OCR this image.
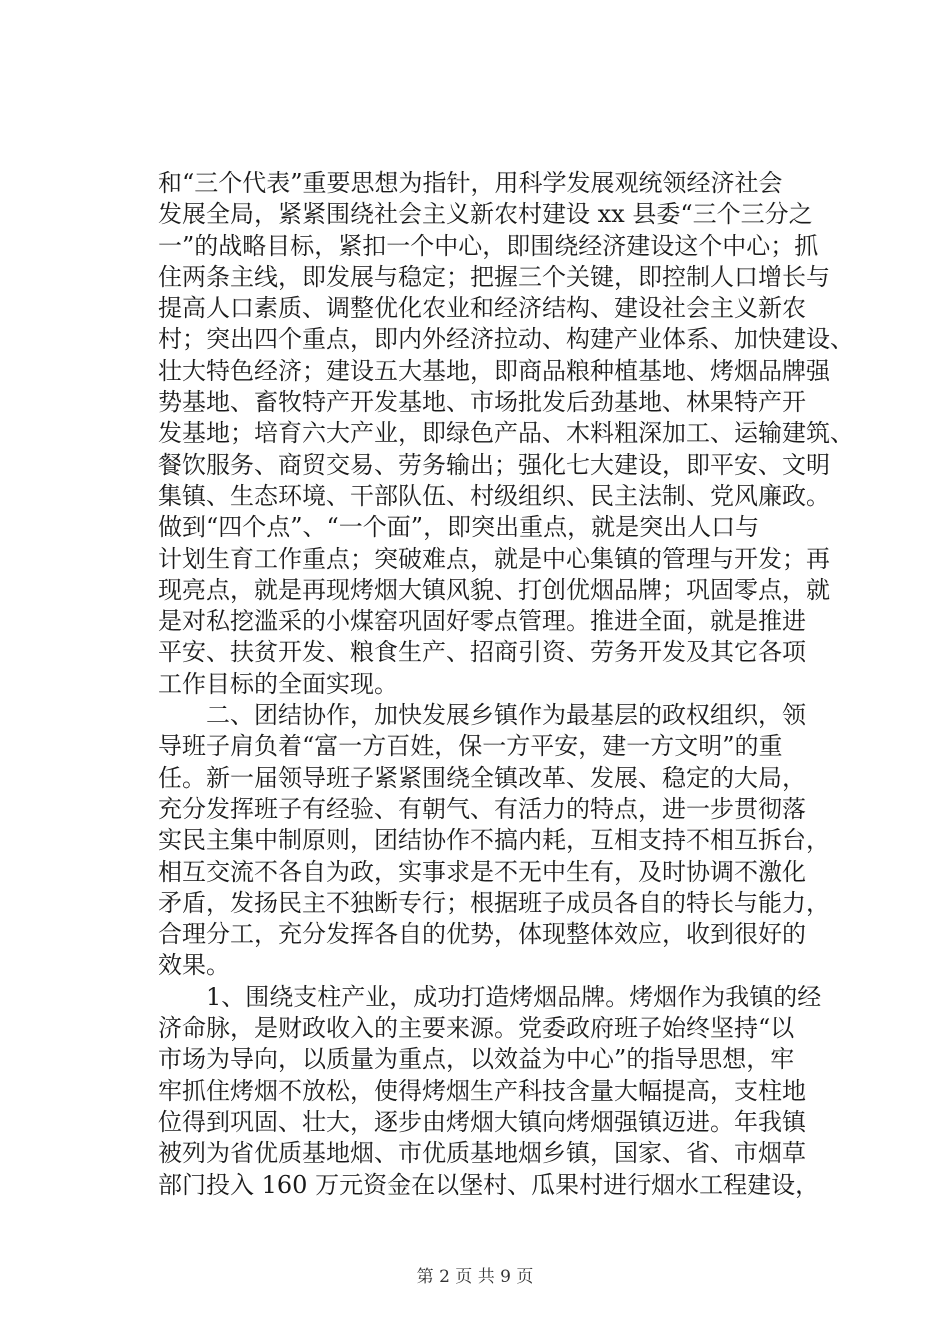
和“三个代表”重要思想为指针，用科学发展观统领经济社会
发展全局，紧紧围绕社会主义新农村建设 xx 县委“三个三分之
一”的战略目标，紧扣一个中心，即围绕经济建设这个中心；抓
住两条主线，即发展与稳定；把握三个关键，即控制人口增长与
提高人口素质、调整优化农业和经济结构、建设社会主义新农
村；突出四个重点，即内外经济拉动、构建产业体系、加快建设、
壮大特色经济；建设五大基地，即商品粮种植基地、烤烟品牌强
势基地、畜牧特产开发基地、市场批发后劲基地、林果特产开
发基地；培育六大产业，即绿色产品、木料粗深加工、运输建筑、
餐饮服务、商贸交易、劳务输出；强化七大建设，即平安、文明
集镇、生态环境、干部队伍、村级组织、民主法制、党风廉政。
做到“四个点”、“一个面”，即突出重点，就是突出人口与
计划生育工作重点；突破难点，就是中心集镇的管理与开发；再
现亮点，就是再现烤烟大镇风貌、打创优烟品牌；巩固零点，就
是对私挖滥采的小煤窑巩固好零点管理。推进全面，就是推进
平安、扶贫开发、粮食生产、招商引资、劳务开发及其它各项
工作目标的全面实现。
二、团结协作，加快发展乡镇作为最基层的政权组织，领
导班子肩负着“富一方百姓，保一方平安，建一方文明”的重
任。新一届领导班子紧紧围绕全镇改革、发展、稳定的大局，
充分发挥班子有经验、有朝气、有活力的特点，进一步贯彻落
实民主集中制原则，团结协作不搞内耗，互相支持不相互拆台，
相互交流不各自为政，实事求是不无中生有，及时协调不激化
矛盾，发扬民主不独断专行；根据班子成员各自的特长与能力，
合理分工，充分发挥各自的优势，体现整体效应，收到很好的
效果。
1、围绕支柱产业，成功打造烤烟品牌。烤烟作为我镇的经
济命脉，是财政收入的主要来源。党委政府班子始终坚持“以
市场为导向，以质量为重点，以效益为中心”的指导思想，牢
牢抓住烤烟不放松，使得烤烟生产科技含量大幅提高，支柱地
位得到巩固、壮大，逐步由烤烟大镇向烤烟强镇迈进。年我镇
被列为省优质基地烟、市优质基地烟乡镇，国家、省、市烟草
部门投入 160 万元资金在以堡村、瓜果村进行烟水工程建设，
第 2 页 共 9 页
